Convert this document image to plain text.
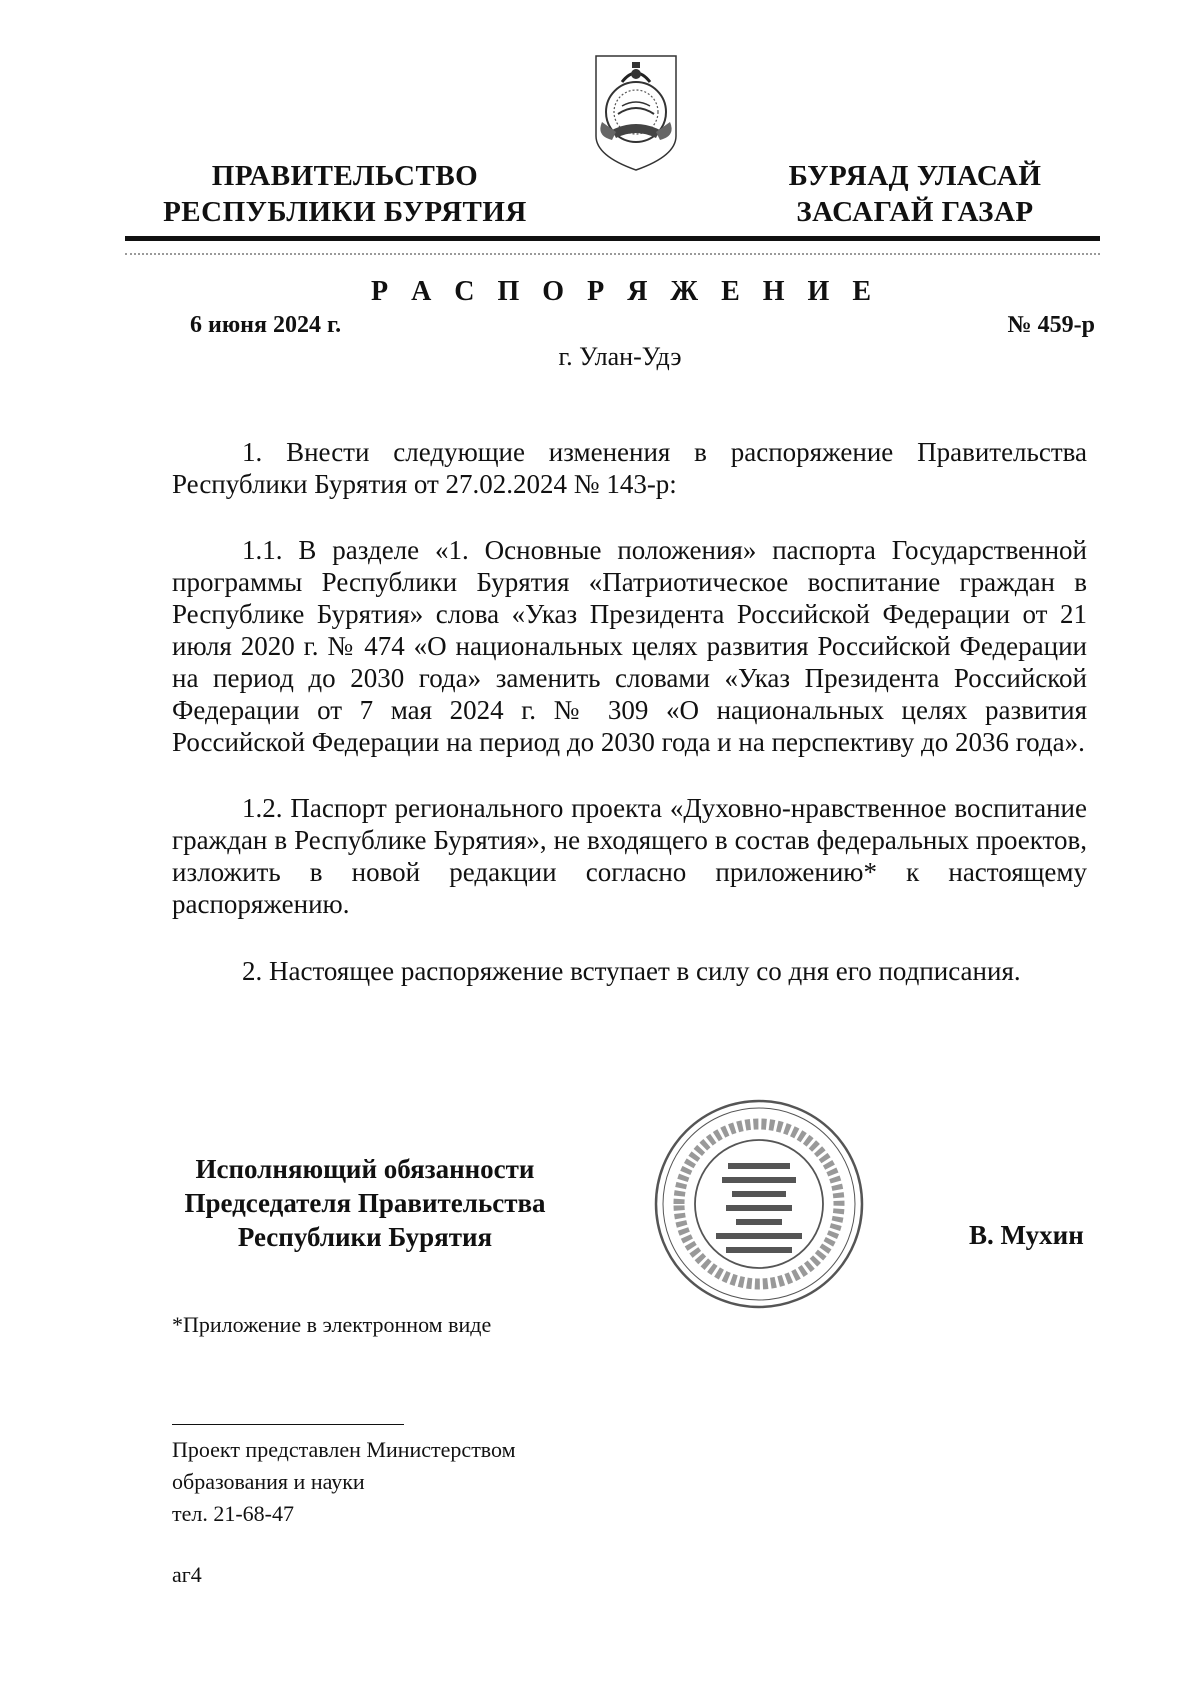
ПРАВИТЕЛЬСТВО
РЕСПУБЛИКИ БУРЯТИЯ
БУРЯАД УЛАСАЙ
ЗАСАГАЙ ГАЗАР
Р А С П О Р Я Ж Е Н И Е
6 июня 2024 г.	№ 459-р
г. Улан-Удэ
1. Внести следующие изменения в распоряжение Правительства Республики Бурятия от 27.02.2024 № 143-р:
1.1. В разделе «1. Основные положения» паспорта Государственной программы Республики Бурятия «Патриотическое воспитание граждан в Республике Бурятия» слова «Указ Президента Российской Федерации от 21 июля 2020 г. № 474 «О национальных целях развития Российской Федерации на период до 2030 года» заменить словами «Указ Президента Российской Федерации от 7 мая 2024 г. № 309 «О национальных целях развития Российской Федерации на период до 2030 года и на перспективу до 2036 года».
1.2. Паспорт регионального проекта «Духовно-нравственное воспитание граждан в Республике Бурятия», не входящего в состав федеральных проектов, изложить в новой редакции согласно приложению* к настоящему распоряжению.
2. Настоящее распоряжение вступает в силу со дня его подписания.
Исполняющий обязанности
Председателя Правительства
Республики Бурятия	В. Мухин
*Приложение в электронном виде
Проект представлен Министерством
образования и науки
тел. 21-68-47
аг4
